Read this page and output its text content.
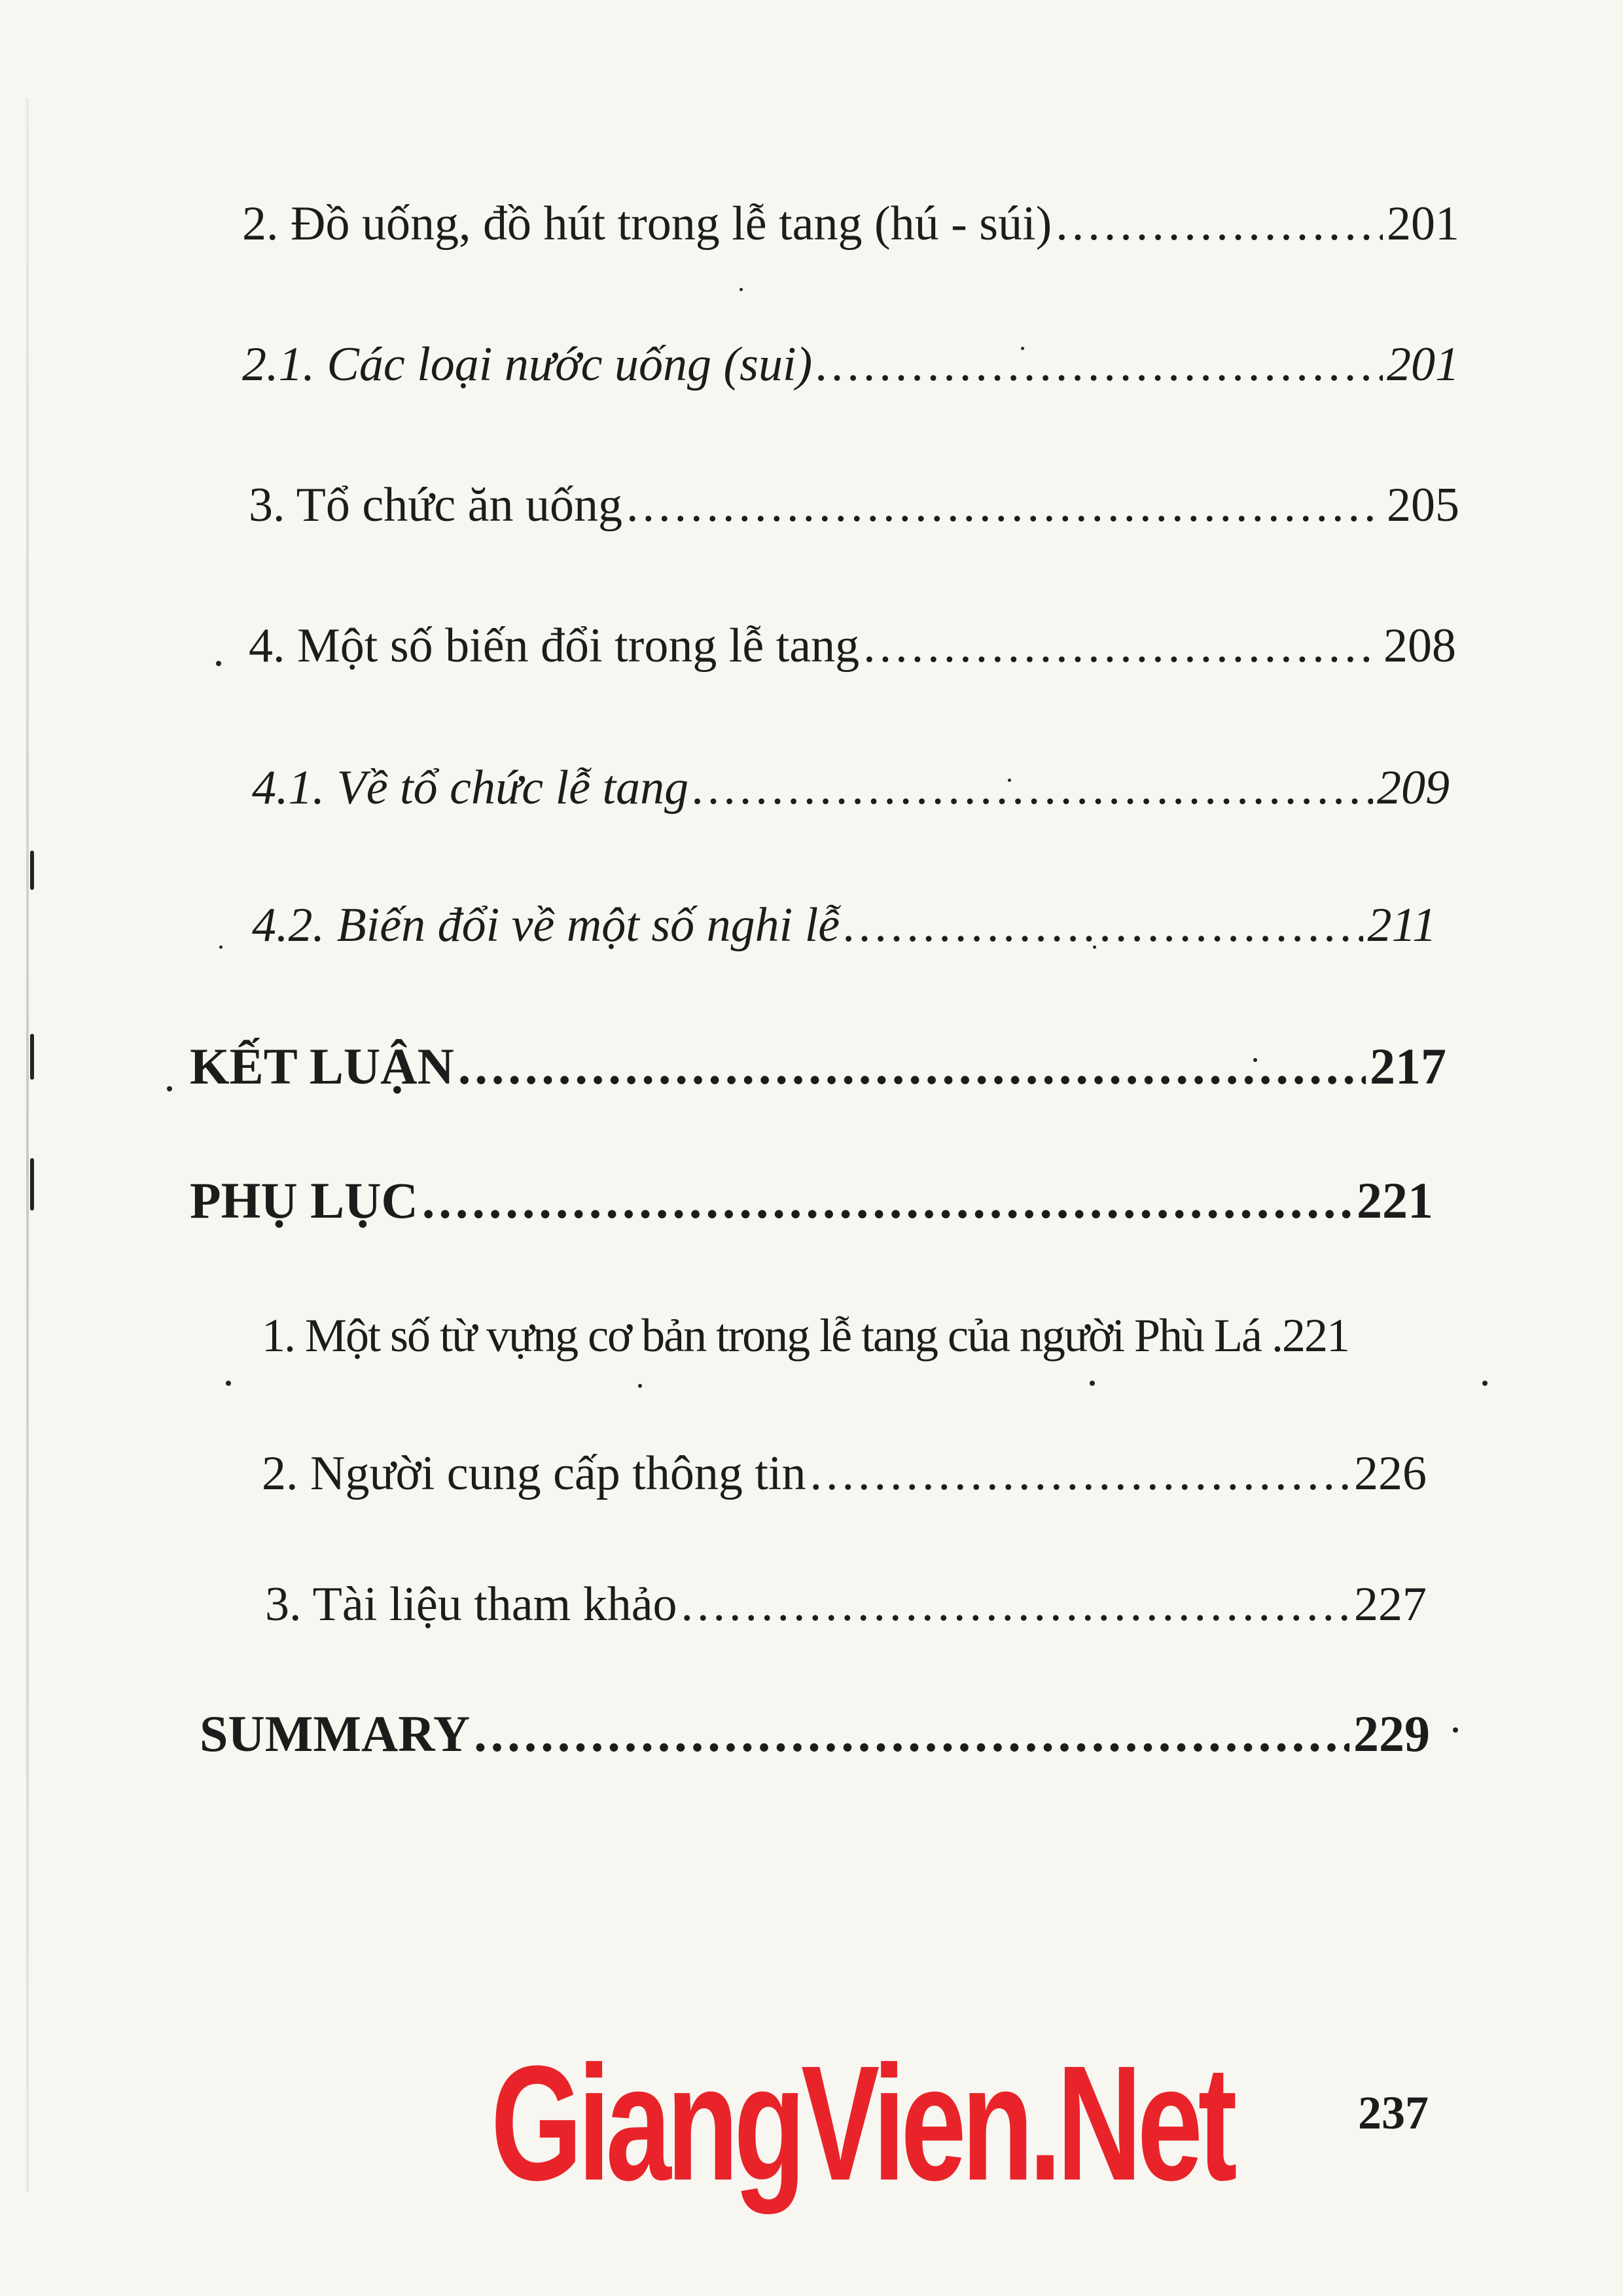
2. Đồ uống, đồ hút trong lễ tang (hú - súi) .....	201
2.1. Các loại nước uống (sui) .....	201
3. Tổ chức ăn uống .....	205
4. Một số biến đổi trong lễ tang .....	208
4.1. Về tổ chức lễ tang .....	209
4.2. Biến đổi về một số nghi lễ .....	211
KẾT LUẬN .....	217
PHỤ LỤC .....	221
1. Một số từ vựng cơ bản trong lễ tang của người Phù Lá .221
2. Người cung cấp thông tin .....	226
3. Tài liệu tham khảo .....	227
SUMMARY .....	229
237
GiangVien.Net
